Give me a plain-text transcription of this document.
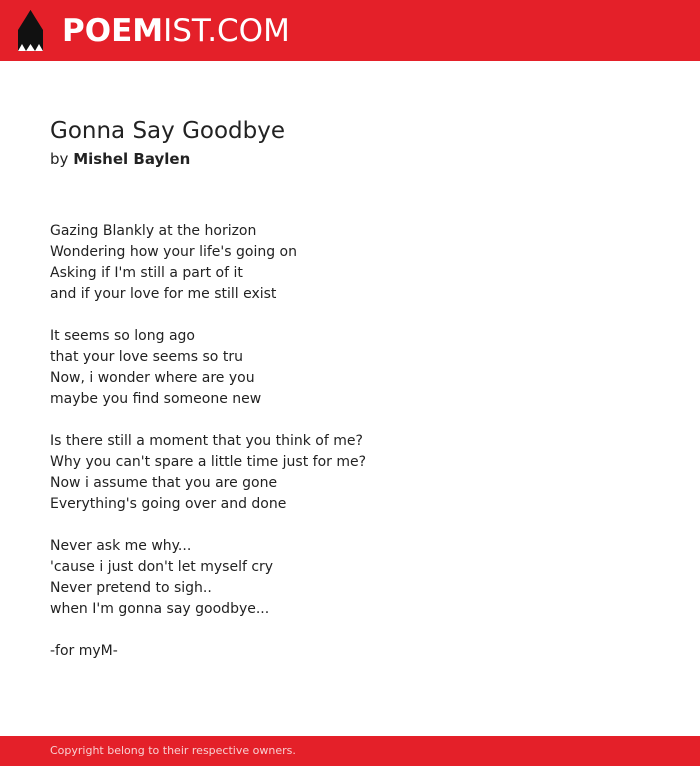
POEMIST.COM
Gonna Say Goodbye
by Mishel Baylen
Gazing Blankly at the horizon
Wondering how your life's going on
Asking if I'm still a part of it
and if your love for me still exist
It seems so long ago
that your love seems so tru
Now, i wonder where are you
maybe you find someone new
Is there still a moment that you think of me?
Why you can't spare a little time just for me?
Now i assume that you are gone
Everything's going over and done
Never ask me why...
'cause i just don't let myself cry
Never pretend to sigh..
when I'm gonna say goodbye...
-for myM-
Copyright belong to their respective owners.
